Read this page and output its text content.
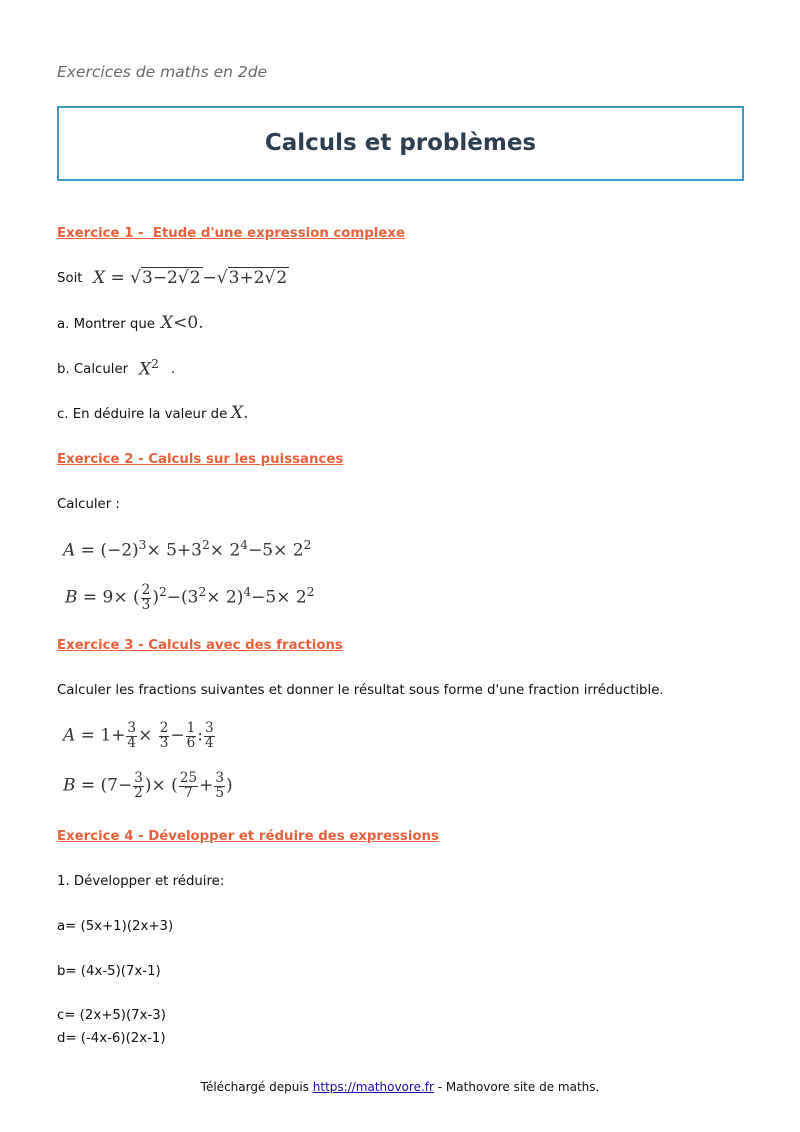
Exercices de maths en 2de
Calculs et problèmes
Exercice 1 -  Etude d'une expression complexe
Soit X = √3−2√2 −√3+2√2
a. Montrer que X<0.
b. Calculer $X^2$ .
c. En déduire la valeur de X.
Exercice 2 - Calculs sur les puissances
Calculer :
$A = (-2)^3\times 5+3^2\times 2^4-5\times 2^2$
B = 9× ( $\frac{2}{3} )^2-(3^2\times 2)^4-5\times 2^2$
Exercice 3 - Calculs avec des fractions
Calculer les fractions suivantes et donner le résultat sous forme d'une fraction irréductible.
$A = 1+ \frac{3}{4} \times \frac{2}{3} - \frac{1}{6}$ : $\frac{3}{4}$
$B = (7- \frac{3}{2}$ )× ( $\frac{25}{7} + \frac{3}{5}$ )
Exercice 4 - Développer et réduire des expressions
1. Développer et réduire:
a= (5x+1)(2x+3)
b= (4x-5)(7x-1)
c= (2x+5)(7x-3)
d= (-4x-6)(2x-1)
Téléchargé depuis https://mathovore.fr - Mathovore site de maths.
